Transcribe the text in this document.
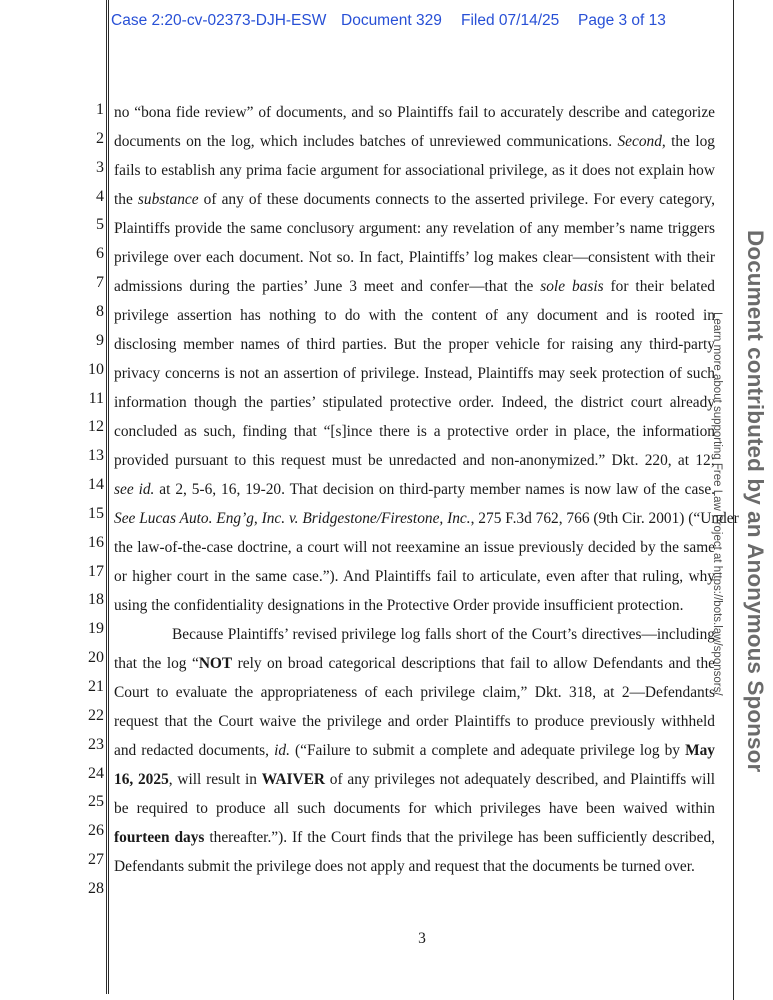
Case 2:20-cv-02373-DJH-ESW Document 329 Filed 07/14/25 Page 3 of 13
1
2
3
4
5
6
7
8
9
10
11
12
13
14
15
16
17
18
19
20
21
22
23
24
25
26
27
28
no “bona fide review” of documents, and so Plaintiffs fail to accurately describe and categorize
documents on the log, which includes batches of unreviewed communications. Second, the log
fails to establish any prima facie argument for associational privilege, as it does not explain how
the substance of any of these documents connects to the asserted privilege. For every category,
Plaintiffs provide the same conclusory argument: any revelation of any member’s name triggers
privilege over each document. Not so. In fact, Plaintiffs’ log makes clear—consistent with their
admissions during the parties’ June 3 meet and confer—that the sole basis for their belated
privilege assertion has nothing to do with the content of any document and is rooted in
disclosing member names of third parties. But the proper vehicle for raising any third-party
privacy concerns is not an assertion of privilege. Instead, Plaintiffs may seek protection of such
information though the parties’ stipulated protective order. Indeed, the district court already
concluded as such, finding that “[s]ince there is a protective order in place, the information
provided pursuant to this request must be unredacted and non-anonymized.” Dkt. 220, at 12;
see id. at 2, 5-6, 16, 19-20. That decision on third-party member names is now law of the case.
See Lucas Auto. Eng’g, Inc. v. Bridgestone/Firestone, Inc., 275 F.3d 762, 766 (9th Cir. 2001) (“Under
the law-of-the-case doctrine, a court will not reexamine an issue previously decided by the same
or higher court in the same case.”). And Plaintiffs fail to articulate, even after that ruling, why
using the confidentiality designations in the Protective Order provide insufficient protection.
Because Plaintiffs’ revised privilege log falls short of the Court’s directives—including
that the log “NOT rely on broad categorical descriptions that fail to allow Defendants and the
Court to evaluate the appropriateness of each privilege claim,” Dkt. 318, at 2—Defendants
request that the Court waive the privilege and order Plaintiffs to produce previously withheld
and redacted documents, id. (“Failure to submit a complete and adequate privilege log by May
16, 2025, will result in WAIVER of any privileges not adequately described, and Plaintiffs will
be required to produce all such documents for which privileges have been waived within
fourteen days thereafter.”). If the Court finds that the privilege has been sufficiently described,
Defendants submit the privilege does not apply and request that the documents be turned over.
3
Document contributed by an Anonymous Sponsor
Learn more about supporting Free Law Project at https://bots.law/sponsors/
